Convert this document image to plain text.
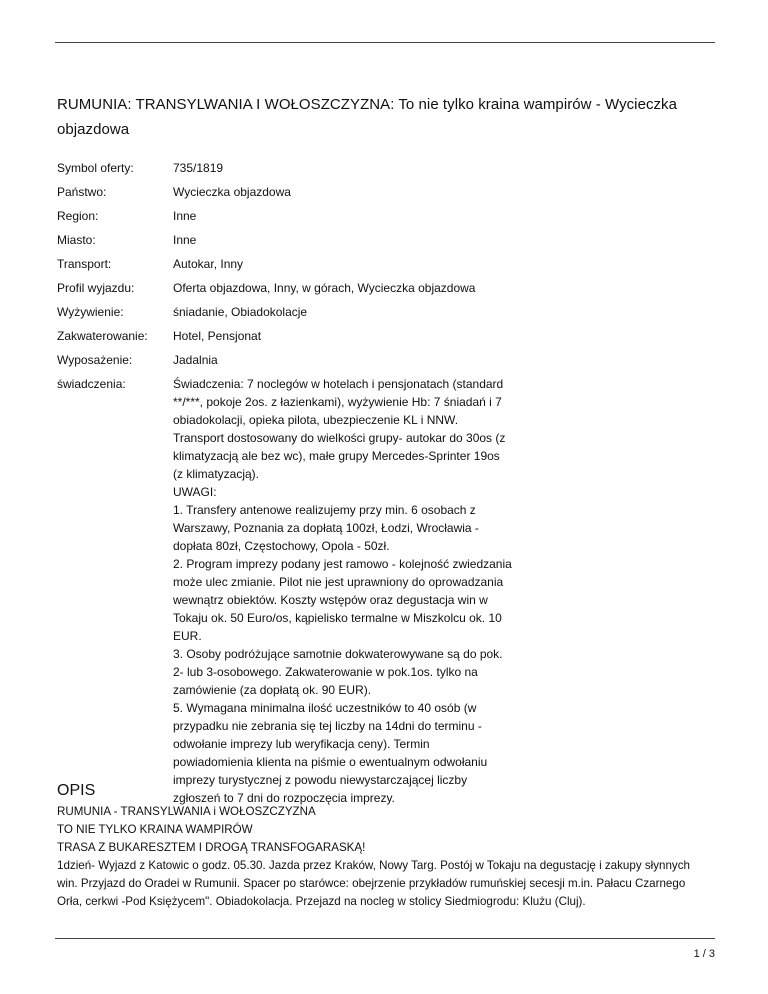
RUMUNIA: TRANSYLWANIA I WOŁOSZCZYZNA: To nie tylko kraina wampirów - Wycieczka objazdowa
Symbol oferty:	735/1819
Państwo:	Wycieczka objazdowa
Region:	Inne
Miasto:	Inne
Transport:	Autokar, Inny
Profil wyjazdu:	Oferta objazdowa, Inny, w górach, Wycieczka objazdowa
Wyżywienie:	śniadanie, Obiadokolacje
Zakwaterowanie:	Hotel, Pensjonat
Wyposażenie:	Jadalnia
świadczenia:	Świadczenia: 7 noclegów w hotelach i pensjonatach (standard
**/***, pokoje 2os. z łazienkami), wyżywienie Hb: 7 śniadań i 7
obiadokolacji, opieka pilota, ubezpieczenie KL i NNW.
Transport dostosowany do wielkości grupy- autokar do 30os (z
klimatyzacją ale bez wc), małe grupy Mercedes-Sprinter 19os
(z klimatyzacją).
UWAGI:
1. Transfery antenowe realizujemy przy min. 6 osobach z
Warszawy, Poznania za dopłatą 100zł, Łodzi, Wrocławia -
dopłata 80zł, Częstochowy, Opola - 50zł.
2. Program imprezy podany jest ramowo - kolejność zwiedzania
może ulec zmianie. Pilot nie jest uprawniony do oprowadzania
wewnątrz obiektów. Koszty wstępów oraz degustacja win w
Tokaju ok. 50 Euro/os, kąpielisko termalne w Miszkolcu ok. 10
EUR.
3. Osoby podróżujące samotnie dokwaterowywane są do pok.
2- lub 3-osobowego. Zakwaterowanie w pok.1os. tylko na
zamówienie (za dopłatą ok. 90 EUR).
5. Wymagana minimalna ilość uczestników to 40 osób (w
przypadku nie zebrania się tej liczby na 14dni do terminu -
odwołanie imprezy lub weryfikacja ceny). Termin
powiadomienia klienta na piśmie o ewentualnym odwołaniu
imprezy turystycznej z powodu niewystarczającej liczby
zgłoszeń to 7 dni do rozpoczęcia imprezy.
OPIS
RUMUNIA - TRANSYLWANIA i WOŁOSZCZYZNA
TO NIE TYLKO KRAINA WAMPIRÓW
TRASA Z BUKARESZTEM I DROGĄ TRANSFOGARASKĄ!
1dzień- Wyjazd z Katowic o godz. 05.30. Jazda przez Kraków, Nowy Targ. Postój w Tokaju na degustację i zakupy słynnych
win. Przyjazd do Oradei w Rumunii. Spacer po starówce: obejrzenie przykładów rumuńskiej secesji m.in. Pałacu Czarnego
Orła, cerkwi -Pod Księżycem". Obiadokolacja. Przejazd na nocleg w stolicy Siedmiogrodu: Klużu (Cluj).
1 / 3
